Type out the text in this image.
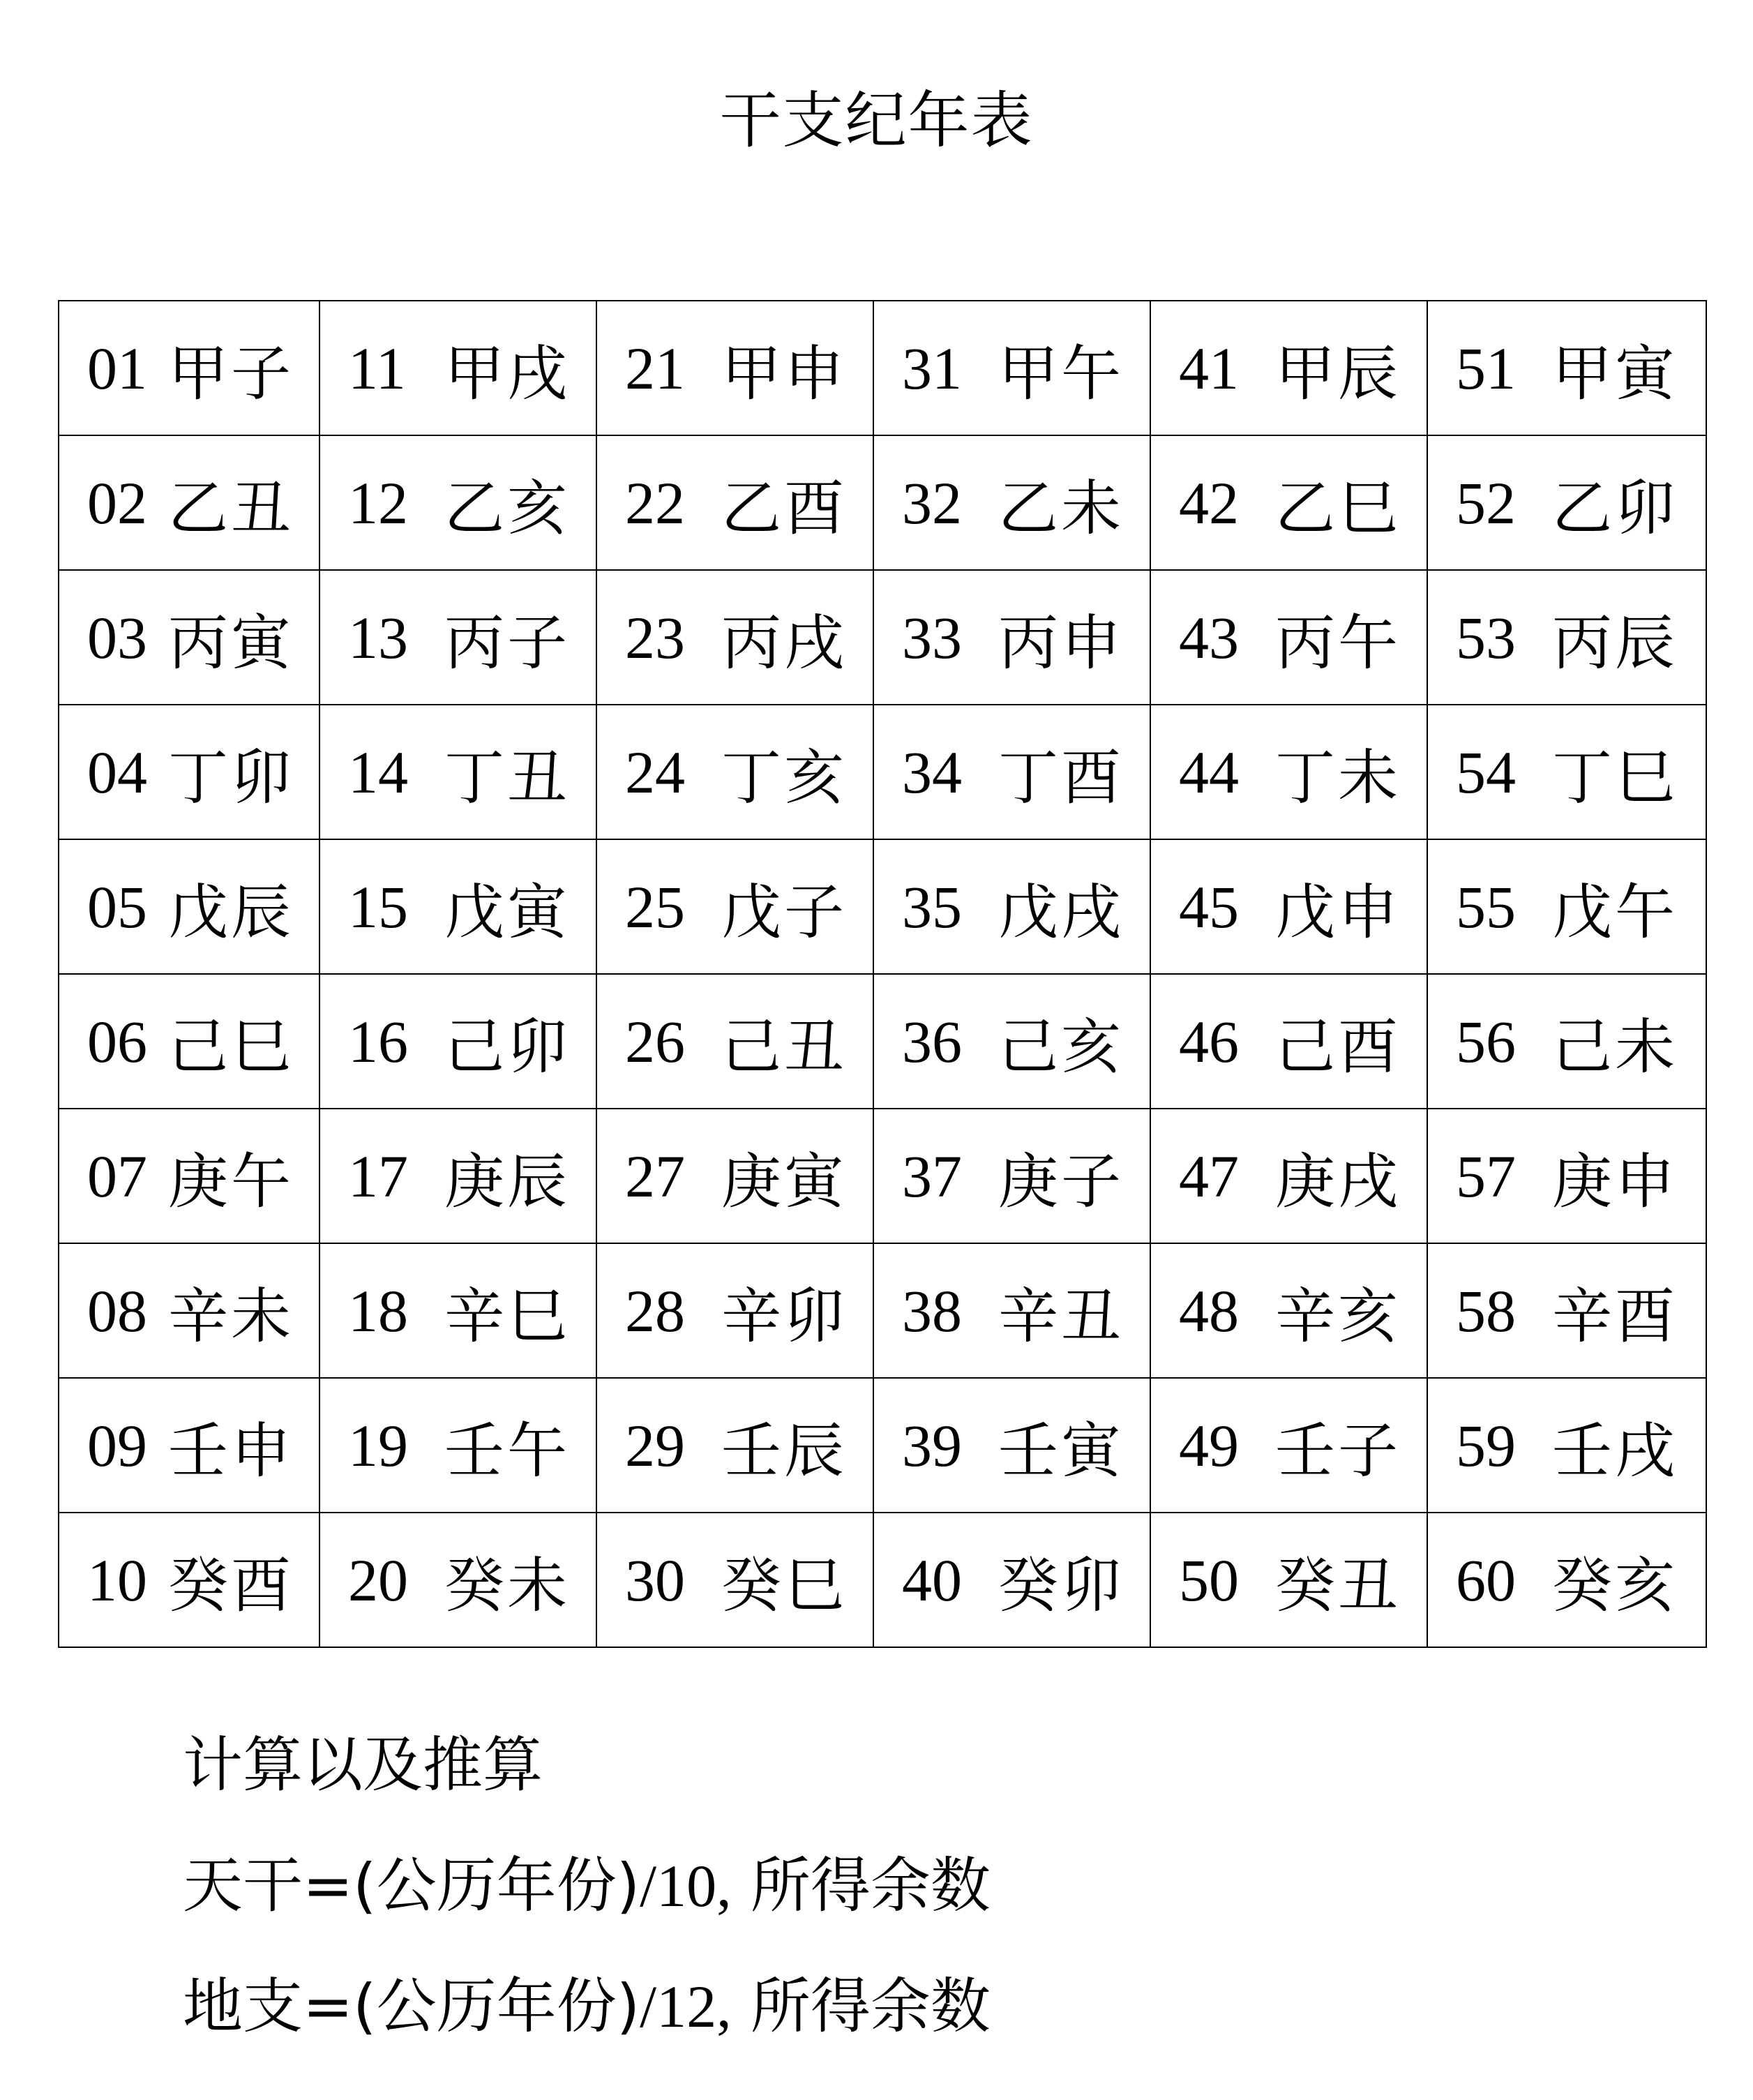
干支纪年表
01 甲子	11 甲戌	21 甲申	31 甲午	41 甲辰	51 甲寅

02 乙丑	12 乙亥	22 乙酉	32 乙未	42 乙巳	52 乙卯

03 丙寅	13 丙子	23 丙戌	33 丙申	43 丙午	53 丙辰

04 丁卯	14 丁丑	24 丁亥	34 丁酉	44 丁未	54 丁巳

05 戊辰	15 戊寅	25 戊子	35 戊戌	45 戊申	55 戊午

06 己巳	16 己卯	26 己丑	36 己亥	46 己酉	56 己未

07 庚午	17 庚辰	27 庚寅	37 庚子	47 庚戌	57 庚申

08 辛未	18 辛巳	28 辛卯	38 辛丑	48 辛亥	58 辛酉

09 壬申	19 壬午	29 壬辰	39 壬寅	49 壬子	59 壬戌

10 癸酉	20 癸未	30 癸巳	40 癸卯	50 癸丑	60 癸亥
计算以及推算
天干=(公历年份)/10, 所得余数
地支=(公历年份)/12, 所得余数
